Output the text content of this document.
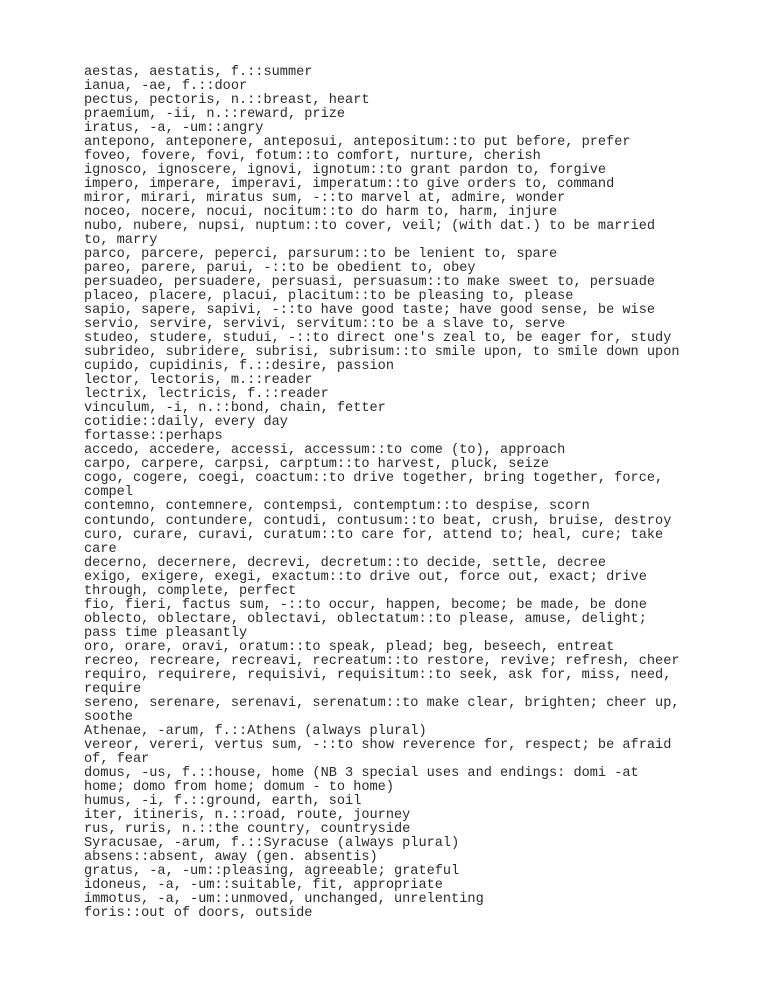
aestas, aestatis, f.::summer
ianua, -ae, f.::door
pectus, pectoris, n.::breast, heart
praemium, -ii, n.::reward, prize
iratus, -a, -um::angry
antepono, anteponere, anteposui, antepositum::to put before, prefer
foveo, fovere, fovi, fotum::to comfort, nurture, cherish
ignosco, ignoscere, ignovi, ignotum::to grant pardon to, forgive
impero, imperare, imperavi, imperatum::to give orders to, command
miror, mirari, miratus sum, -::to marvel at, admire, wonder
noceo, nocere, nocui, nocitum::to do harm to, harm, injure
nubo, nubere, nupsi, nuptum::to cover, veil; (with dat.) to be married
to, marry
parco, parcere, peperci, parsurum::to be lenient to, spare
pareo, parere, parui, -::to be obedient to, obey
persuadeo, persuadere, persuasi, persuasum::to make sweet to, persuade
placeo, placere, placui, placitum::to be pleasing to, please
sapio, sapere, sapivi, -::to have good taste; have good sense, be wise
servio, servire, servivi, servitum::to be a slave to, serve
studeo, studere, studui, -::to direct one's zeal to, be eager for, study
subrideo, subridere, subrisi, subrisum::to smile upon, to smile down upon
cupido, cupidinis, f.::desire, passion
lector, lectoris, m.::reader
lectrix, lectricis, f.::reader
vinculum, -i, n.::bond, chain, fetter
cotidie::daily, every day
fortasse::perhaps
accedo, accedere, accessi, accessum::to come (to), approach
carpo, carpere, carpsi, carptum::to harvest, pluck, seize
cogo, cogere, coegi, coactum::to drive together, bring together, force,
compel
contemno, contemnere, contempsi, contemptum::to despise, scorn
contundo, contundere, contudi, contusum::to beat, crush, bruise, destroy
curo, curare, curavi, curatum::to care for, attend to; heal, cure; take
care
decerno, decernere, decrevi, decretum::to decide, settle, decree
exigo, exigere, exegi, exactum::to drive out, force out, exact; drive
through, complete, perfect
fio, fieri, factus sum, -::to occur, happen, become; be made, be done
oblecto, oblectare, oblectavi, oblectatum::to please, amuse, delight;
pass time pleasantly
oro, orare, oravi, oratum::to speak, plead; beg, beseech, entreat
recreo, recreare, recreavi, recreatum::to restore, revive; refresh, cheer
requiro, requirere, requisivi, requisitum::to seek, ask for, miss, need,
require
sereno, serenare, serenavi, serenatum::to make clear, brighten; cheer up,
soothe
Athenae, -arum, f.::Athens (always plural)
vereor, vereri, vertus sum, -::to show reverence for, respect; be afraid
of, fear
domus, -us, f.::house, home (NB 3 special uses and endings: domi -at
home; domo from home; domum - to home)
humus, -i, f.::ground, earth, soil
iter, itineris, n.::road, route, journey
rus, ruris, n.::the country, countryside
Syracusae, -arum, f.::Syracuse (always plural)
absens::absent, away (gen. absentis)
gratus, -a, -um::pleasing, agreeable; grateful
idoneus, -a, -um::suitable, fit, appropriate
immotus, -a, -um::unmoved, unchanged, unrelenting
foris::out of doors, outside
